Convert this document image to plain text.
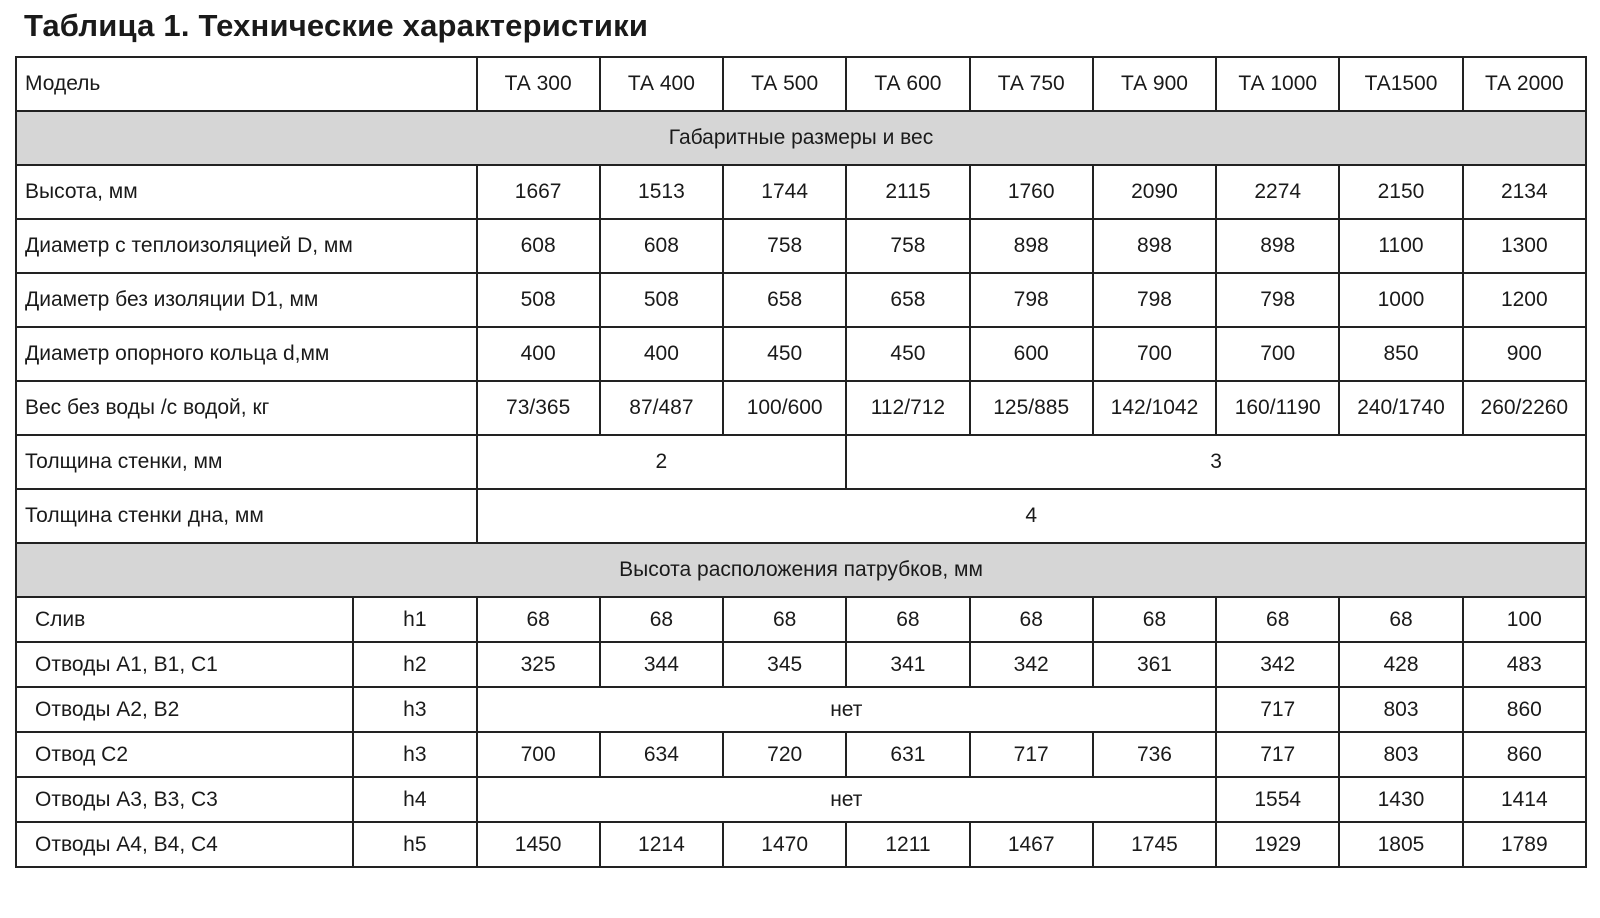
Таблица 1. Технические характеристики
Модель		ТА 300	ТА 400	ТА 500	ТА 600	ТА 750	ТА 900	ТА 1000	ТА1500	ТА 2000
Габаритные размеры и вес										
Высота, мм		1667	1513	1744	2115	1760	2090	2274	2150	2134
Диаметр с теплоизоляцией D, мм		608	608	758	758	898	898	898	1100	1300
Диаметр без изоляции D1, мм		508	508	658	658	798	798	798	1000	1200
Диаметр опорного кольца d,мм		400	400	450	450	600	700	700	850	900
Вес без воды /с водой, кг		73/365	87/487	100/600	112/712	125/885	142/1042	160/1190	240/1740	260/2260
Толщина стенки, мм		2			3					
Толщина стенки дна, мм		4								
Высота расположения патрубков, мм										
Слив	h1	68	68	68	68	68	68	68	68	100
Отводы А1, В1, С1	h2	325	344	345	341	342	361	342	428	483
Отводы А2, В2	h3	нет						717	803	860
Отвод С2	h3	700	634	720	631	717	736	717	803	860
Отводы А3, В3, С3	h4	нет						1554	1430	1414
Отводы А4, В4, С4	h5	1450	1214	1470	1211	1467	1745	1929	1805	1789
